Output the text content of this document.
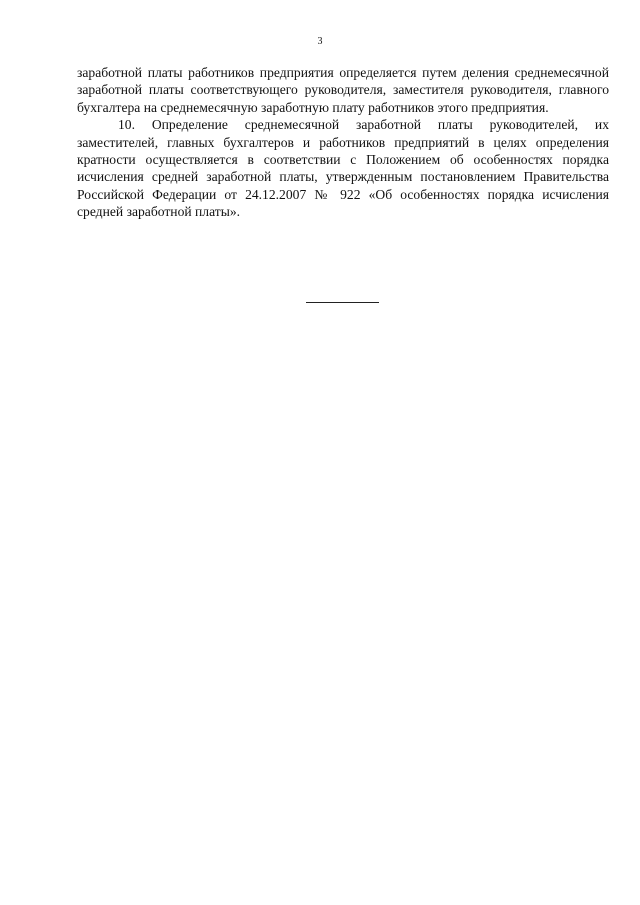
3

заработной платы работников предприятия определяется путем деления среднемесячной заработной платы соответствующего руководителя, заместителя руководителя, главного бухгалтера на среднемесячную заработную плату работников этого предприятия.

10. Определение среднемесячной заработной платы руководителей, их заместителей, главных бухгалтеров и работников предприятий в целях определения кратности осуществляется в соответствии с Положением об особенностях порядка исчисления средней заработной платы, утвержденным постановлением Правительства Российской Федерации от 24.12.2007 № 922 «Об особенностях порядка исчисления средней заработной платы».
